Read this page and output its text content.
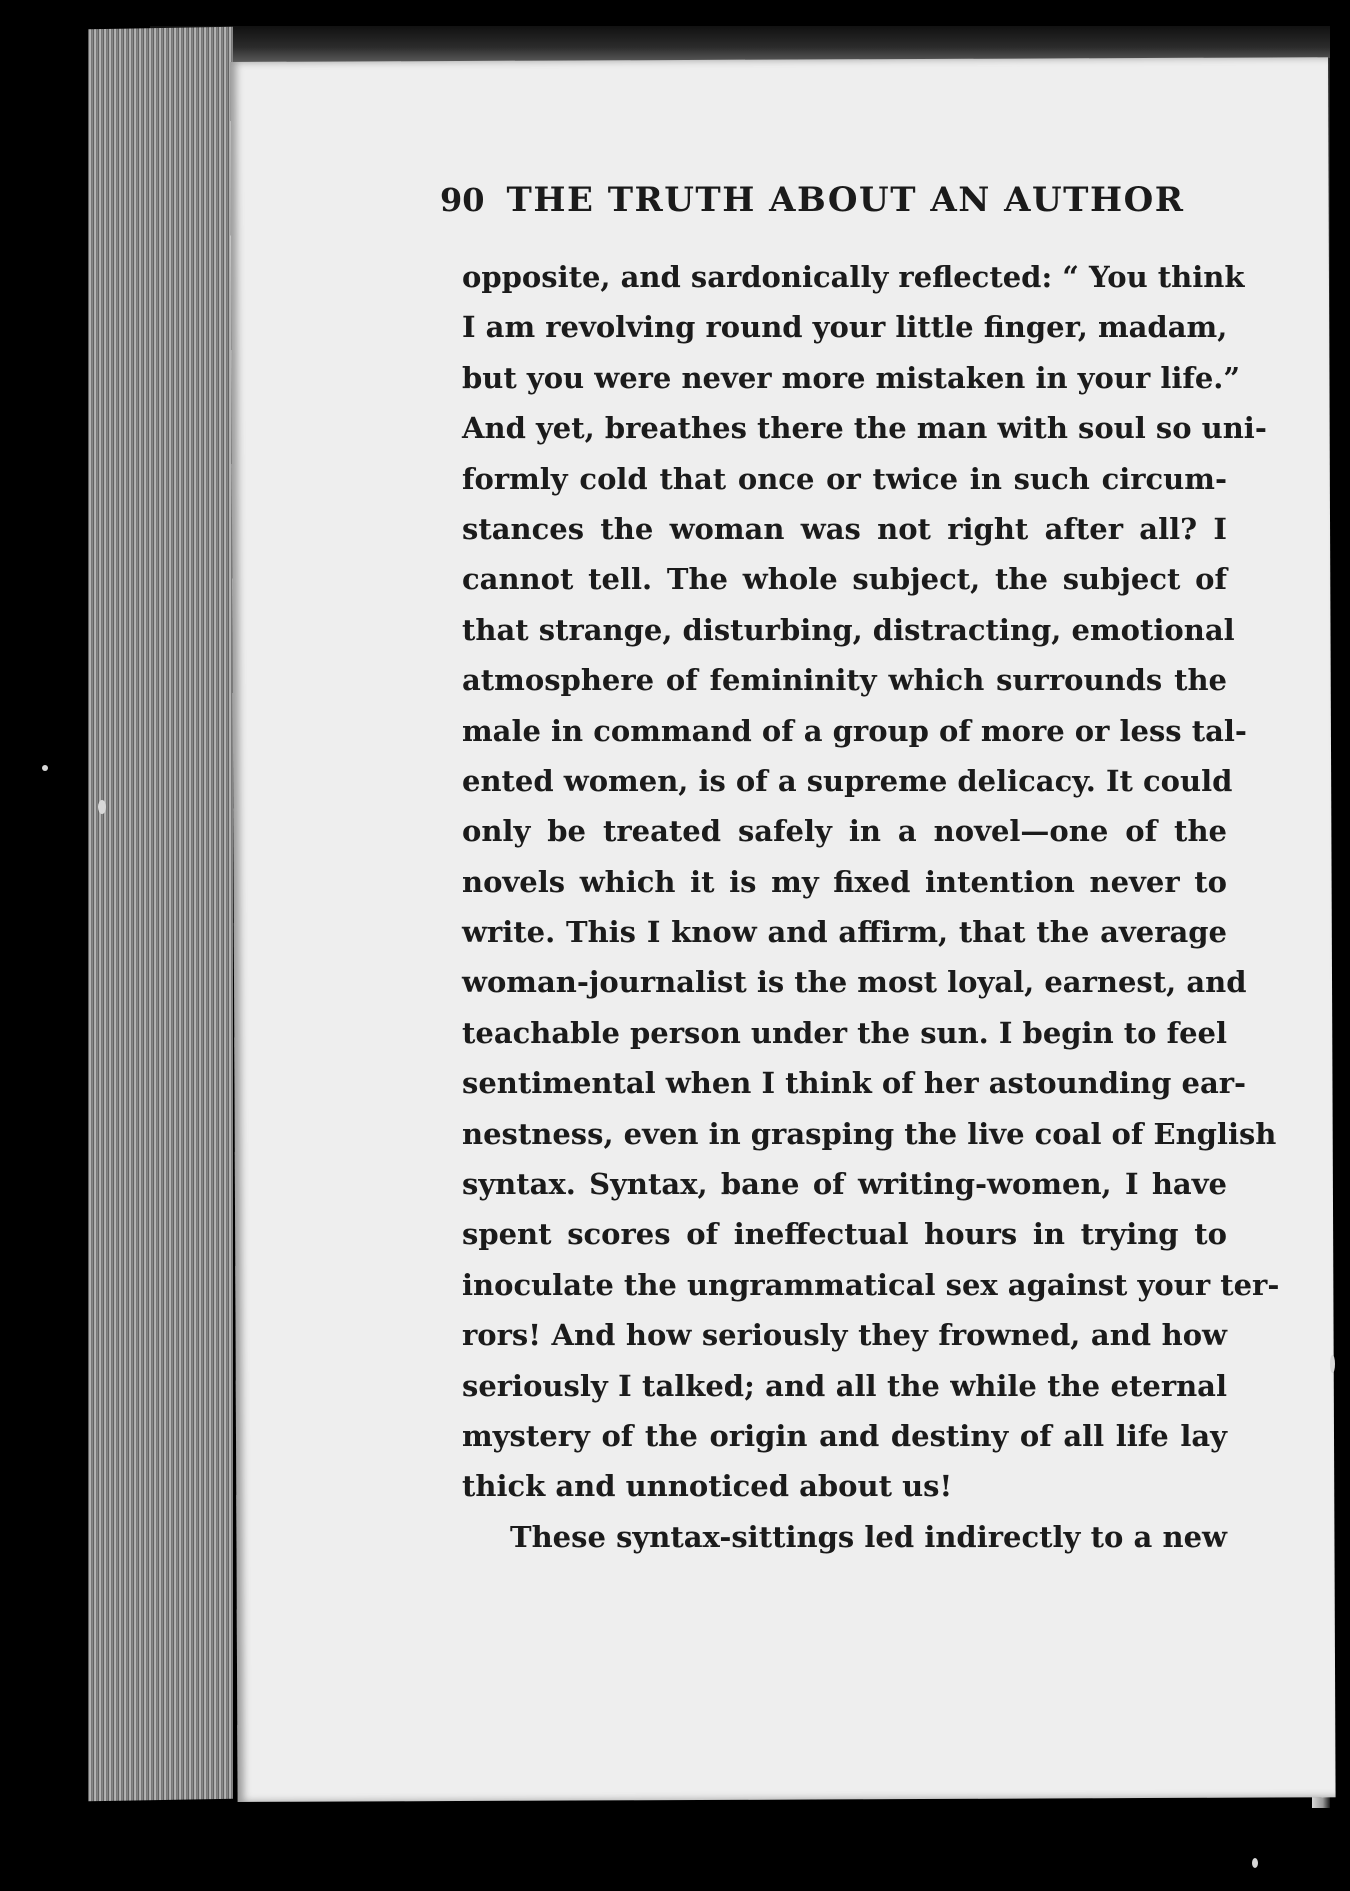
90 THE TRUTH ABOUT AN AUTHOR
opposite, and sardonically reflected: “ You think
I am revolving round your little finger, madam,
but you were never more mistaken in your life.”
And yet, breathes there the man with soul so uni-
formly cold that once or twice in such circum-
stances the woman was not right after all? I
cannot tell. The whole subject, the subject of
that strange, disturbing, distracting, emotional
atmosphere of femininity which surrounds the
male in command of a group of more or less tal-
ented women, is of a supreme delicacy. It could
only be treated safely in a novel—one of the
novels which it is my fixed intention never to
write. This I know and affirm, that the average
woman-journalist is the most loyal, earnest, and
teachable person under the sun. I begin to feel
sentimental when I think of her astounding ear-
nestness, even in grasping the live coal of English
syntax. Syntax, bane of writing-women, I have
spent scores of ineffectual hours in trying to
inoculate the ungrammatical sex against your ter-
rors! And how seriously they frowned, and how
seriously I talked; and all the while the eternal
mystery of the origin and destiny of all life lay
thick and unnoticed about us!
These syntax-sittings led indirectly to a new
